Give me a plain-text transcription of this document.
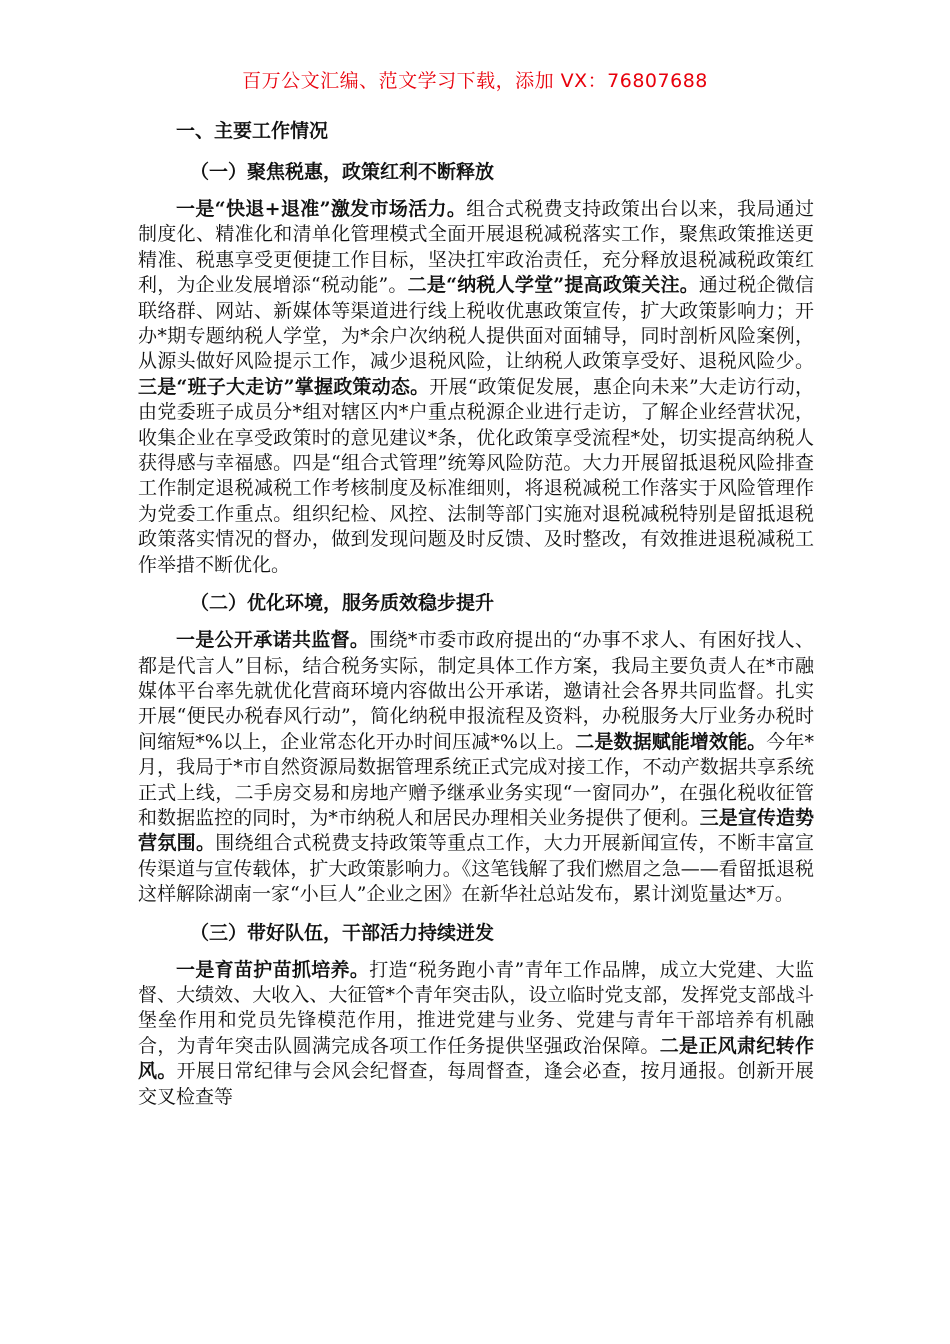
百万公文汇编、范文学习下载，添加 VX：76807688
一、主要工作情况
（一）聚焦税惠，政策红利不断释放

一是“快退+退准”激发市场活力。组合式税费支持政策出台以来，我局通过制度化、精准化和清单化管理模式全面开展退税减税落实工作，聚焦政策推送更精准、税惠享受更便捷工作目标，坚决扛牢政治责任，充分释放退税减税政策红利，为企业发展增添“税动能”。二是“纳税人学堂”提高政策关注。通过税企微信联络群、网站、新媒体等渠道进行线上税收优惠政策宣传，扩大政策影响力；开办*期专题纳税人学堂，为*余户次纳税人提供面对面辅导，同时剖析风险案例，从源头做好风险提示工作，减少退税风险，让纳税人政策享受好、退税风险少。三是“班子大走访”掌握政策动态。开展“政策促发展，惠企向未来”大走访行动，由党委班子成员分*组对辖区内*户重点税源企业进行走访，了解企业经营状况，收集企业在享受政策时的意见建议*条，优化政策享受流程*处，切实提高纳税人获得感与幸福感。四是“组合式管理”统筹风险防范。大力开展留抵退税风险排查工作制定退税减税工作考核制度及标准细则，将退税减税工作落实于风险管理作为党委工作重点。组织纪检、风控、法制等部门实施对退税减税特别是留抵退税政策落实情况的督办，做到发现问题及时反馈、及时整改，有效推进退税减税工作举措不断优化。

（二）优化环境，服务质效稳步提升

一是公开承诺共监督。围绕*市委市政府提出的“办事不求人、有困好找人、都是代言人”目标，结合税务实际，制定具体工作方案，我局主要负责人在*市融媒体平台率先就优化营商环境内容做出公开承诺，邀请社会各界共同监督。扎实开展“便民办税春风行动”，简化纳税申报流程及资料，办税服务大厅业务办税时间缩短*%以上，企业常态化开办时间压减*%以上。二是数据赋能增效能。今年*月，我局于*市自然资源局数据管理系统正式完成对接工作，不动产数据共享系统正式上线，二手房交易和房地产赠予继承业务实现“一窗同办”，在强化税收征管和数据监控的同时，为*市纳税人和居民办理相关业务提供了便利。三是宣传造势营氛围。围绕组合式税费支持政策等重点工作，大力开展新闻宣传，不断丰富宣传渠道与宣传载体，扩大政策影响力。《这笔钱解了我们燃眉之急——看留抵退税这样解除湖南一家“小巨人”企业之困》在新华社总站发布，累计浏览量达*万。

（三）带好队伍，干部活力持续迸发

一是育苗护苗抓培养。打造“税务跑小青”青年工作品牌，成立大党建、大监督、大绩效、大收入、大征管*个青年突击队，设立临时党支部，发挥党支部战斗堡垒作用和党员先锋模范作用，推进党建与业务、党建与青年干部培养有机融合，为青年突击队圆满完成各项工作任务提供坚强政治保障。二是正风肃纪转作风。开展日常纪律与会风会纪督查，每周督查，逢会必查，按月通报。创新开展交叉检查等
